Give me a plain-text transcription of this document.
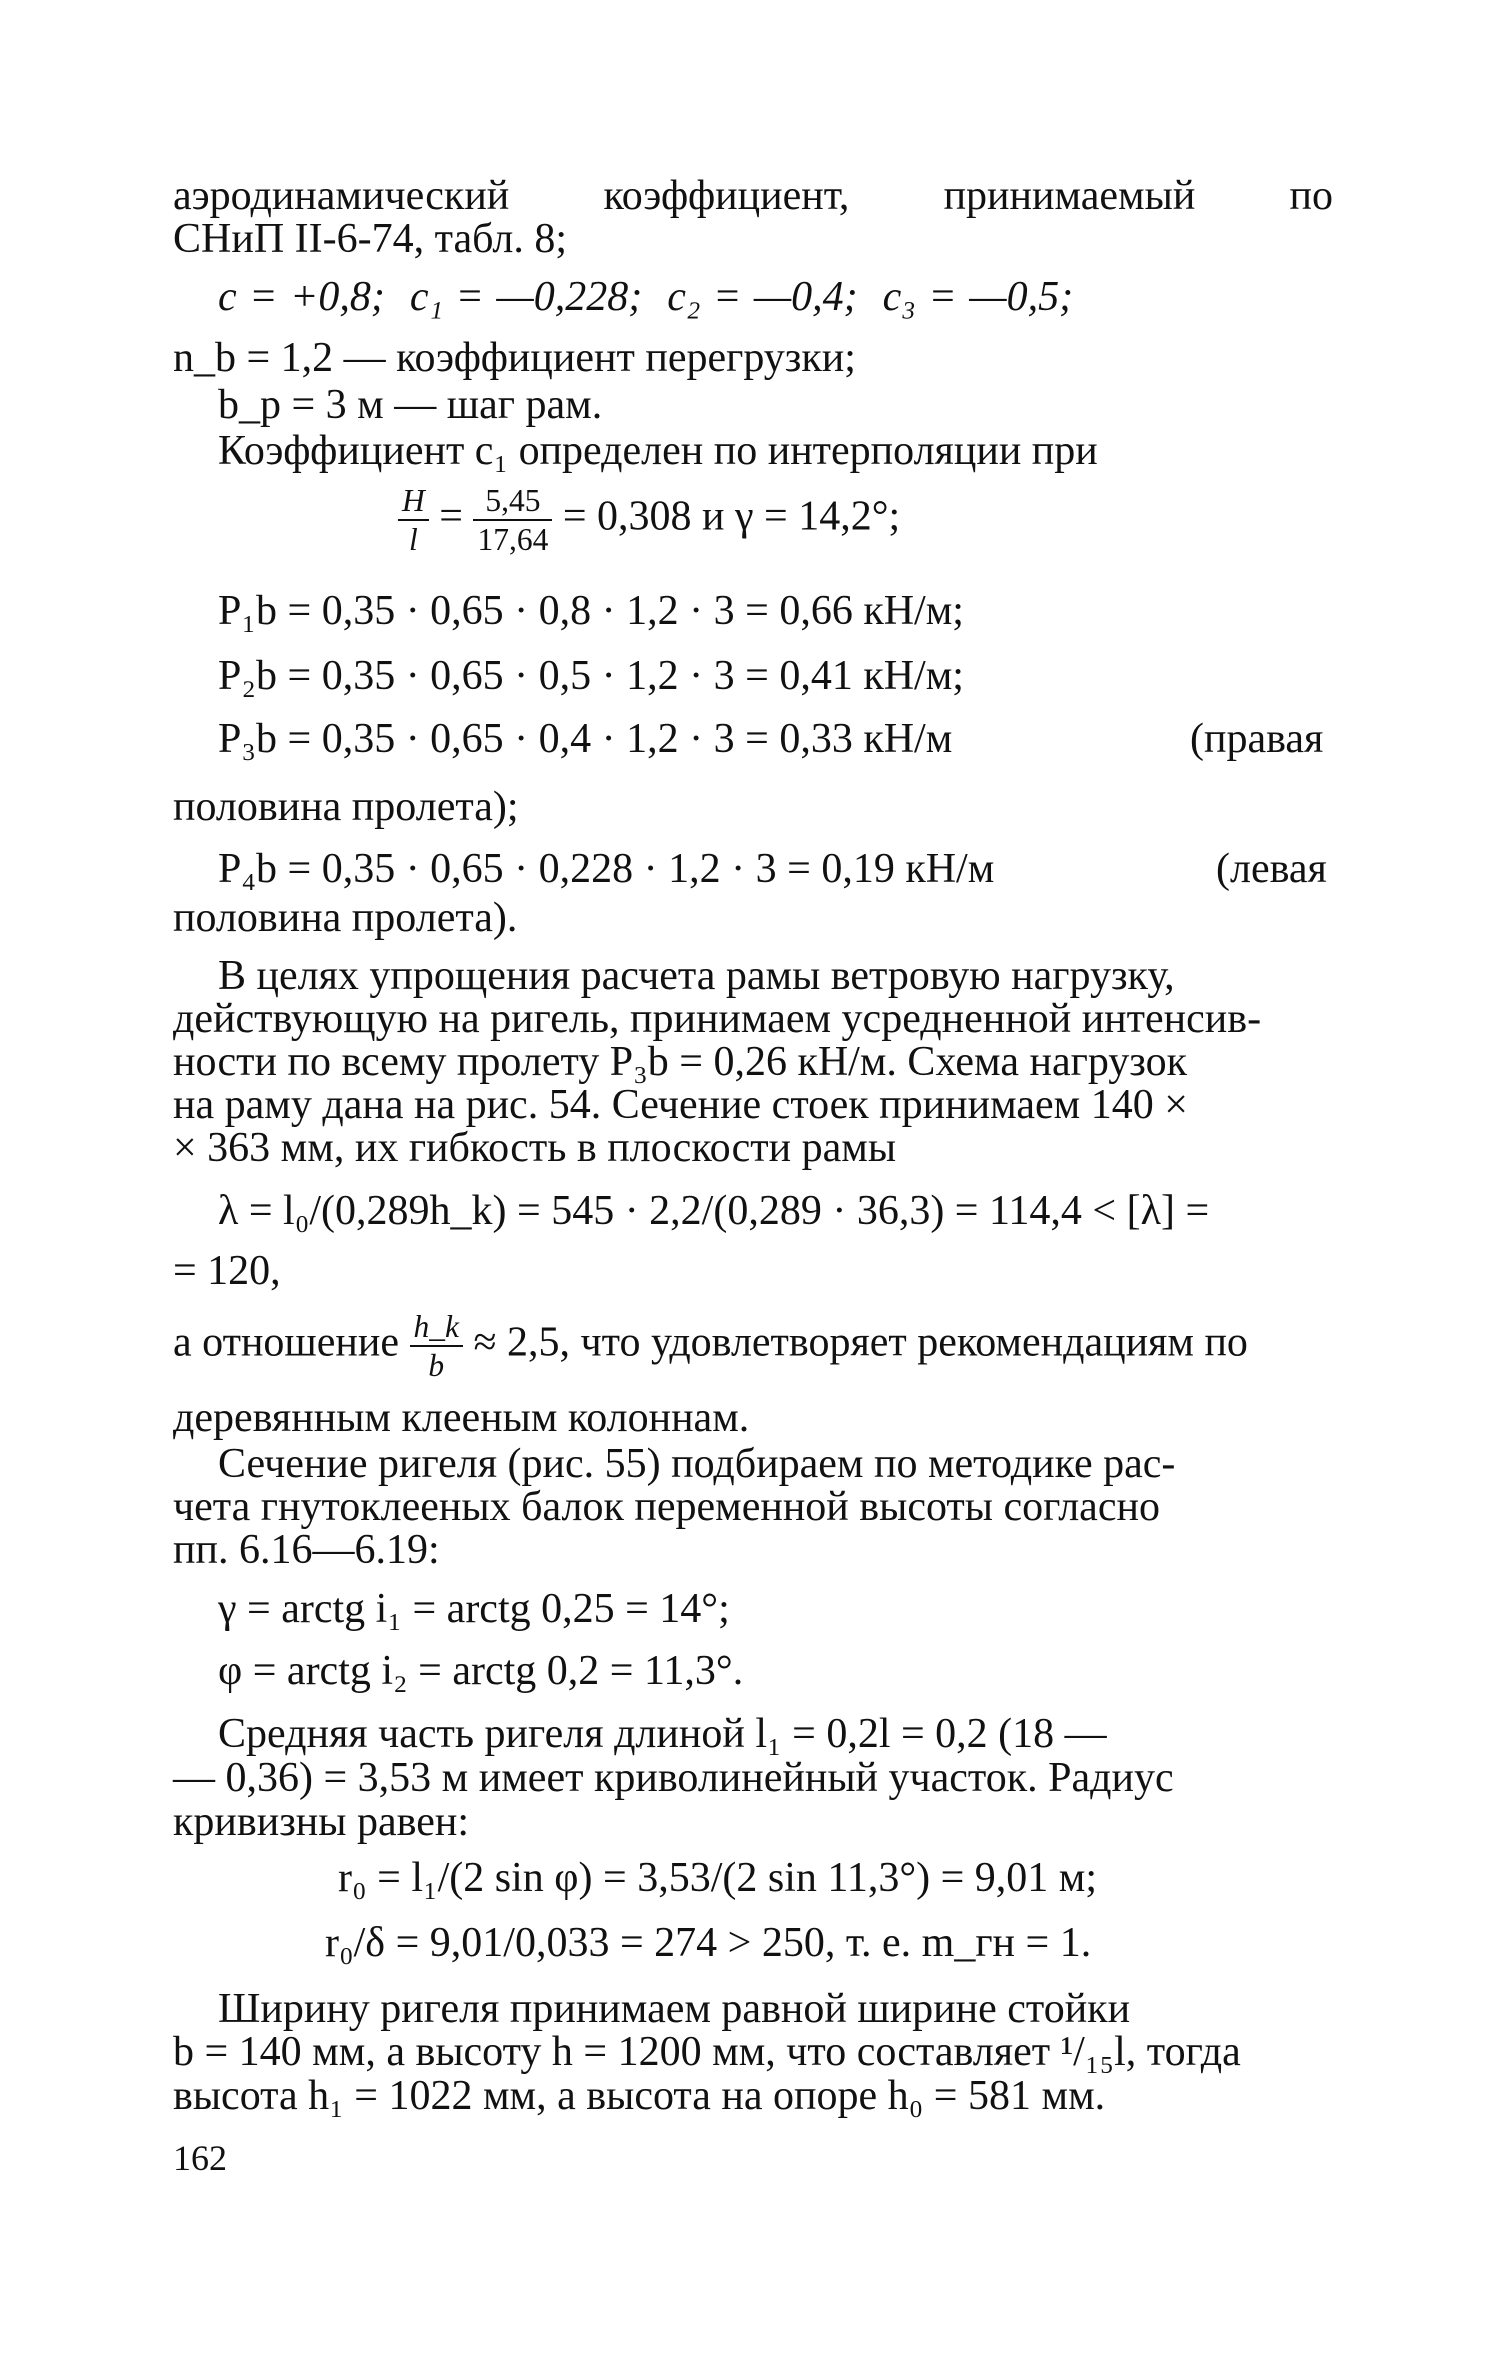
аэродинамический коэффициент, принимаемый по
СНиП II-6-74, табл. 8;
c = +0,8; c₁ = —0,228; c₂ = —0,4; c₃ = —0,5;
n_b = 1,2 — коэффициент перегрузки;
b_p = 3 м — шаг рам.
Коэффициент c₁ определен по интерполяции при
$\frac{H}{l} = \frac{5,45}{17,64} = 0,308$ и γ = 14,2°;
P₁b = 0,35 · 0,65 · 0,8 · 1,2 · 3 = 0,66 кН/м;
P₂b = 0,35 · 0,65 · 0,5 · 1,2 · 3 = 0,41 кН/м;
P₃b = 0,35 · 0,65 · 0,4 · 1,2 · 3 = 0,33 кН/м	(правая
половина пролета);
P₄b = 0,35 · 0,65 · 0,228 · 1,2 · 3 = 0,19 кН/м	(левая
половина пролета).
В целях упрощения расчета рамы ветровую нагрузку,
действующую на ригель, принимаем усредненной интенсив-
ности по всему пролету P₃b = 0,26 кН/м. Схема нагрузок
на раму дана на рис. 54. Сечение стоек принимаем 140 ×
× 363 мм, их гибкость в плоскости рамы
λ = l₀/(0,289h_k) = 545 · 2,2/(0,289 · 36,3) = 114,4 < [λ] =
= 120,
а отношение $\frac{h\_k}{b} \approx 2,5$, что удовлетворяет рекомендациям по
деревянным клееным колоннам.
Сечение ригеля (рис. 55) подбираем по методике рас-
чета гнутоклееных балок переменной высоты согласно
пп. 6.16—6.19:
γ = arctg i₁ = arctg 0,25 = 14°;
φ = arctg i₂ = arctg 0,2 = 11,3°.
Средняя часть ригеля длиной l₁ = 0,2l = 0,2 (18 —
— 0,36) = 3,53 м имеет криволинейный участок. Радиус
кривизны равен:
r₀ = l₁/(2 sin φ) = 3,53/(2 sin 11,3°) = 9,01 м;
r₀/δ = 9,01/0,033 = 274 > 250, т. е. m_гн = 1.
Ширину ригеля принимаем равной ширине стойки
b = 140 мм, а высоту h = 1200 мм, что составляет ¹/₁₅l, тогда
высота h₁ = 1022 мм, а высота на опоре h₀ = 581 мм.
162
